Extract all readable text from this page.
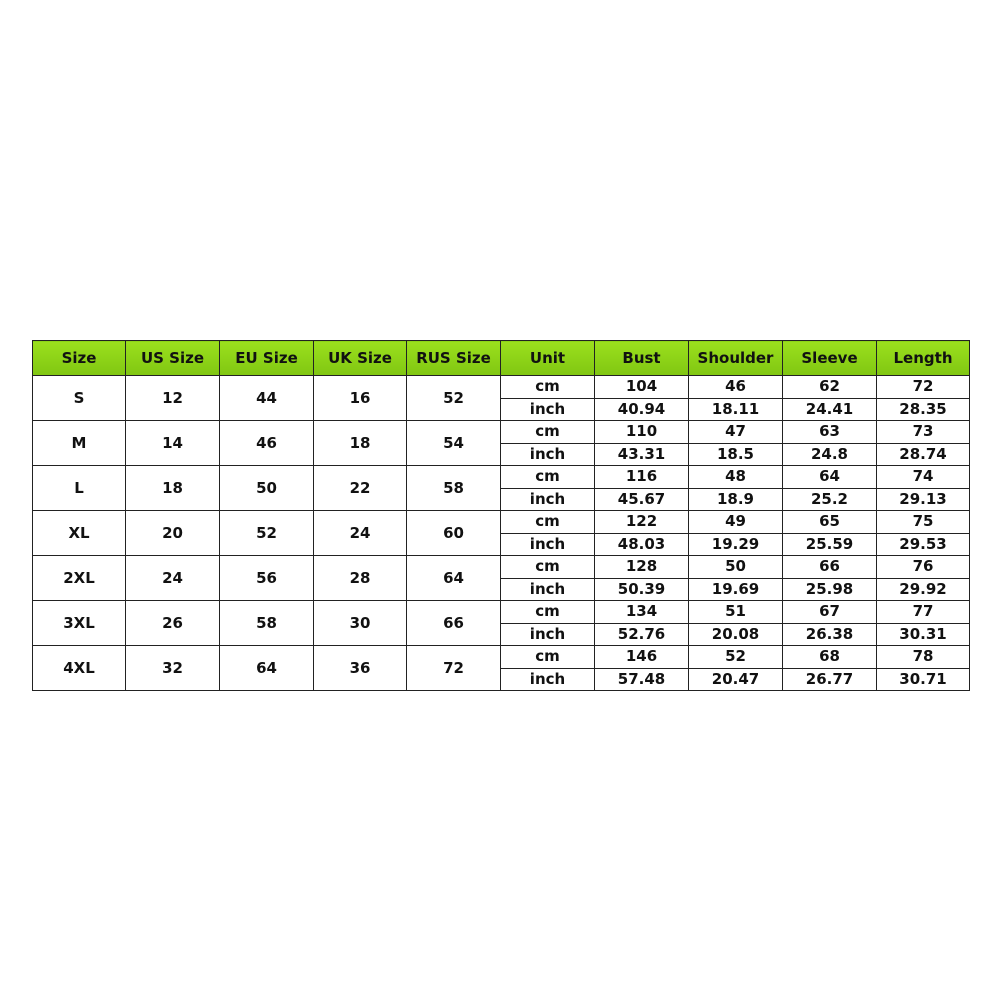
Size	US Size	EU Size	UK Size	RUS Size	Unit	Bust	Shoulder	Sleeve	Length
S	12	44	16	52	cm	104	46	62	72
					inch	40.94	18.11	24.41	28.35
M	14	46	18	54	cm	110	47	63	73
					inch	43.31	18.5	24.8	28.74
L	18	50	22	58	cm	116	48	64	74
					inch	45.67	18.9	25.2	29.13
XL	20	52	24	60	cm	122	49	65	75
					inch	48.03	19.29	25.59	29.53
2XL	24	56	28	64	cm	128	50	66	76
					inch	50.39	19.69	25.98	29.92
3XL	26	58	30	66	cm	134	51	67	77
					inch	52.76	20.08	26.38	30.31
4XL	32	64	36	72	cm	146	52	68	78
					inch	57.48	20.47	26.77	30.71
